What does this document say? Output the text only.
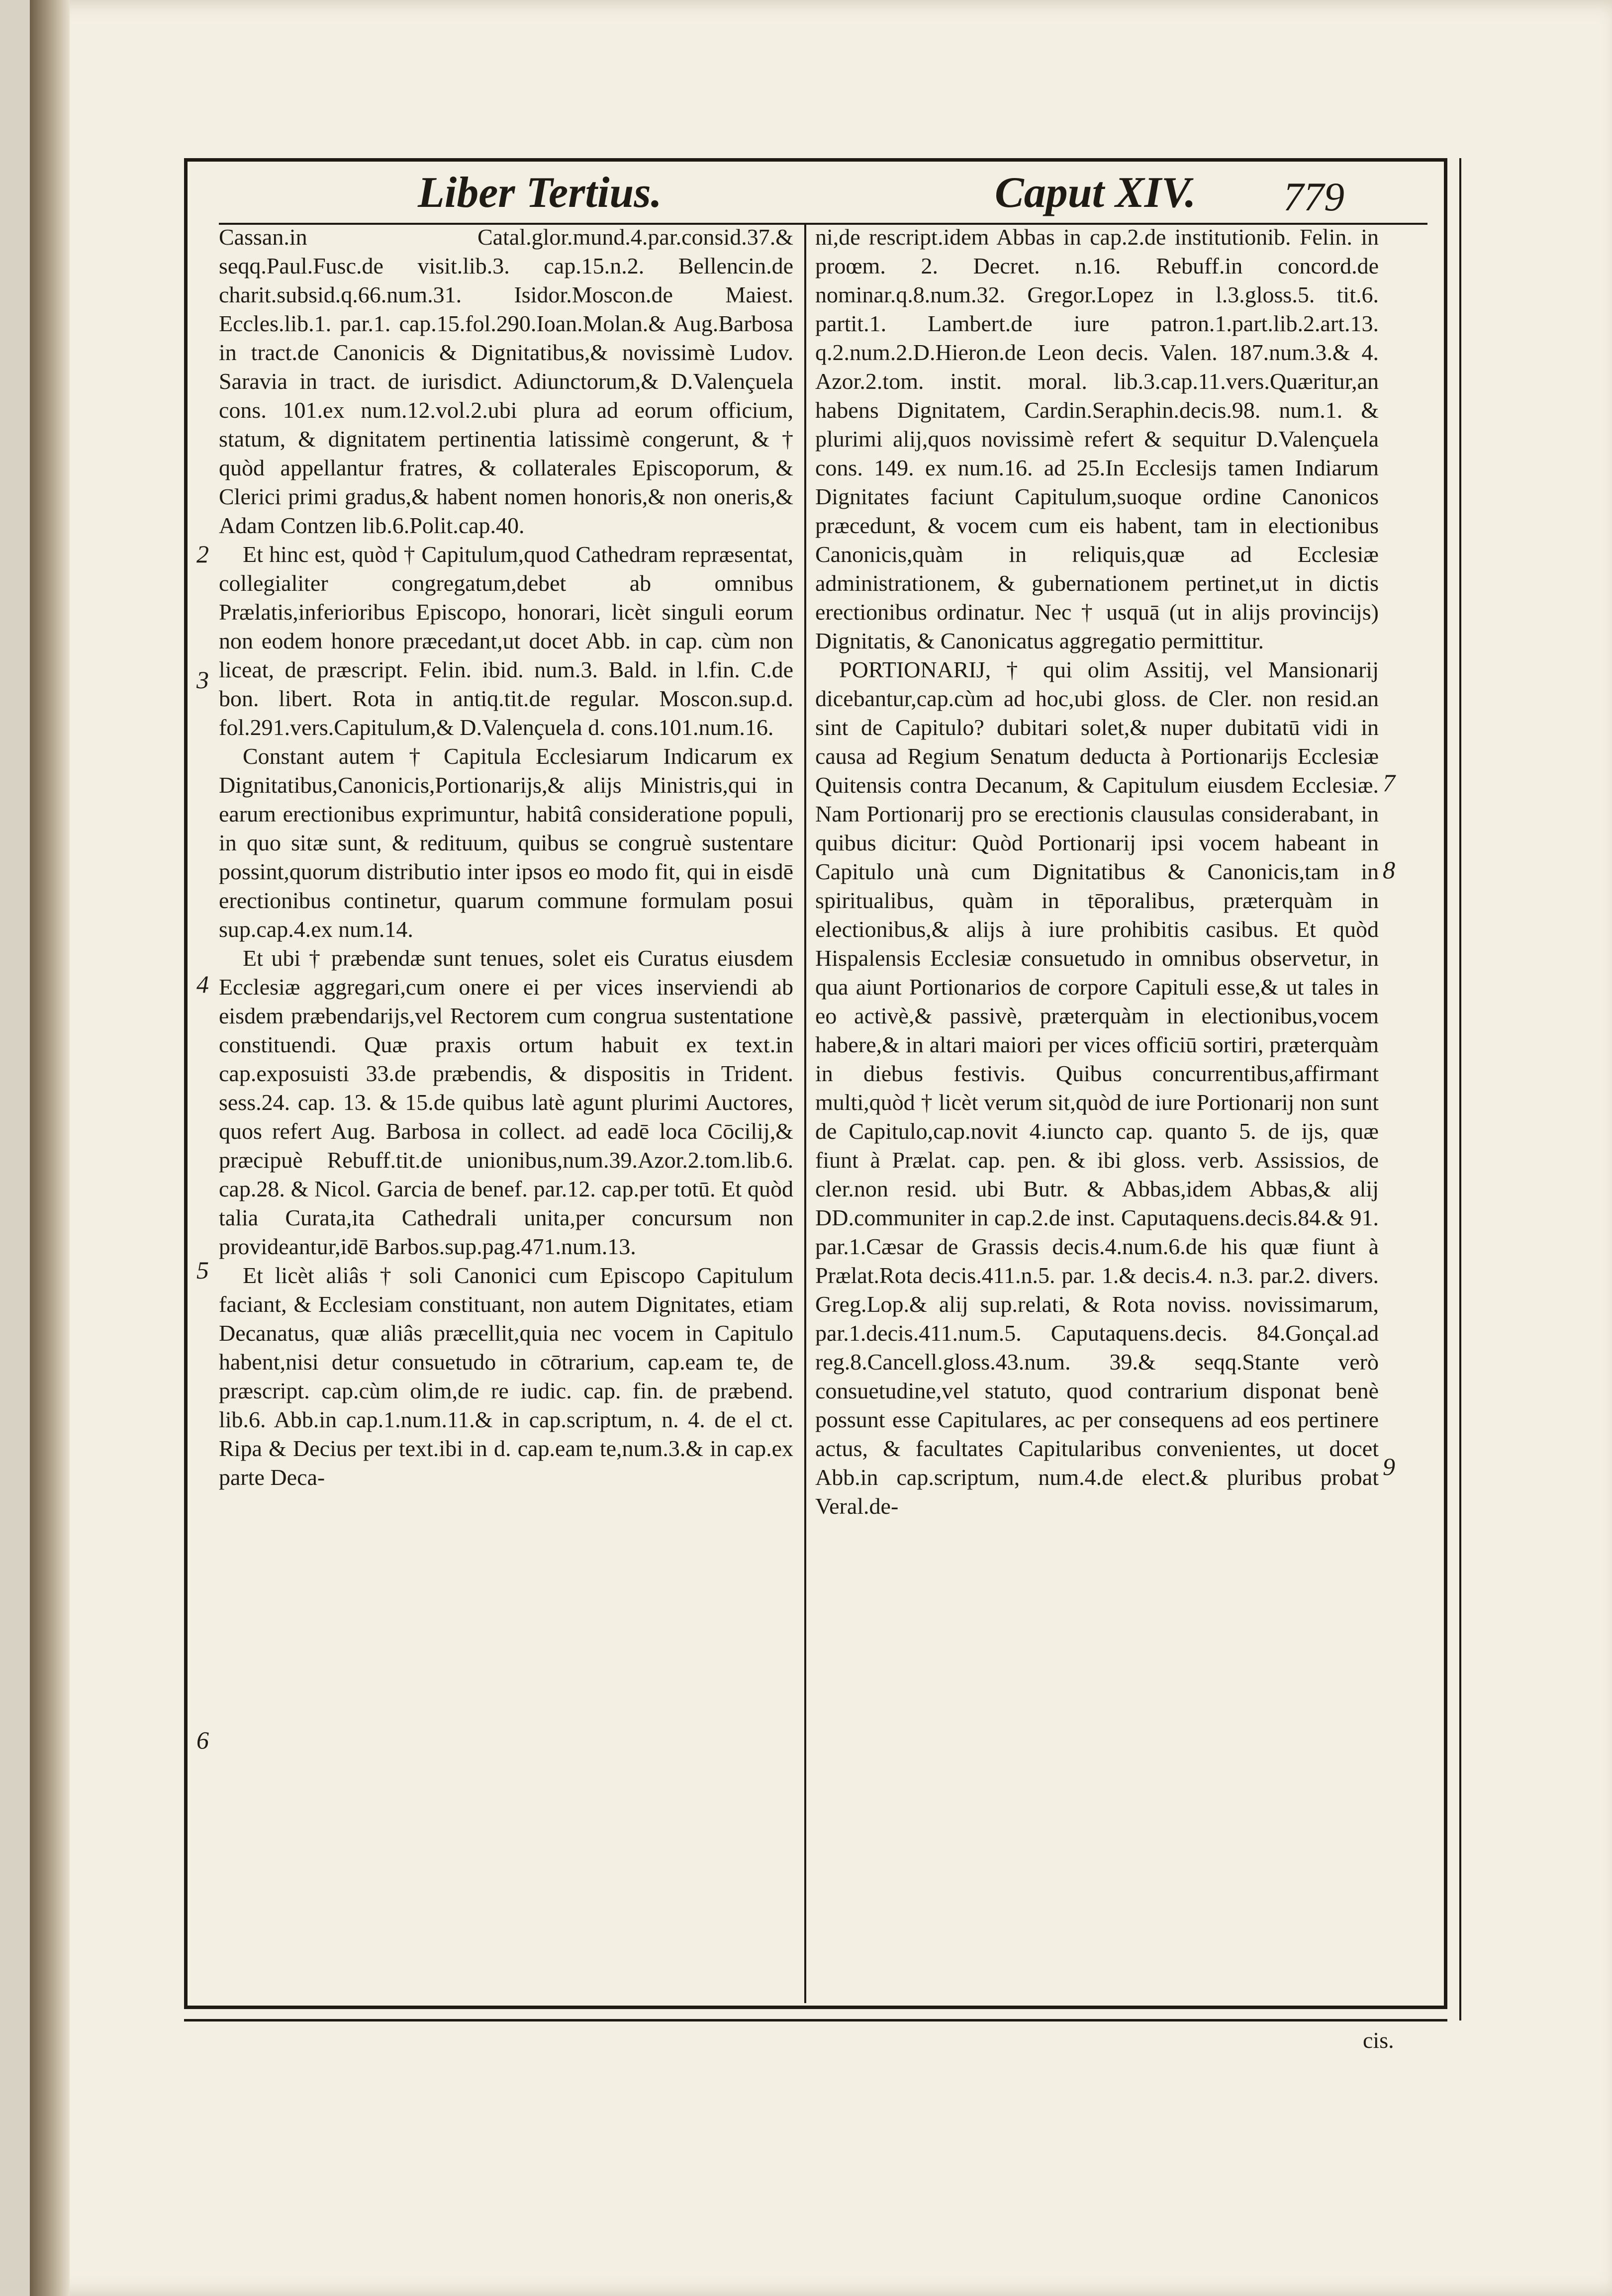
Liber Tertius.	Caput XIV. 779

Cassan.in Catal.glor.mund.4.par.consid.37.& seqq.Paul.Fusc.de visit.lib.3. cap.15.n.2. Bellencin.de charit.subsid.q.66.num.31. Isidor.Moscon.de Maiest. Eccles.lib.1. par.1. cap.15.fol.290.Ioan.Molan.& Aug.Barbosa in tract.de Canonicis & Dignitatibus,& novissimè Ludov. Saravia in tract. de iurisdict. Adiunctorum,& D.Valençuela cons. 101.ex num.12.vol.2.ubi plura ad eorum officium, statum, & dignitatem pertinentia latissimè congerunt, & † quòd appellantur fratres, & collaterales Episcoporum, & Clerici primi gradus,& habent nomen honoris,& non oneris,& Adam Contzen lib.6.Polit.cap.40.

Et hinc est, quòd † Capitulum,quod Cathedram repræsentat, collegialiter congregatum,debet ab omnibus Prælatis,inferioribus Episcopo, honorari, licèt singuli eorum non eodem honore præcedant,ut docet Abb. in cap. cùm non liceat, de præscript. Felin. ibid. num.3. Bald. in l.fin. C.de bon. libert. Rota in antiq.tit.de regular. Moscon.sup.d. fol.291.vers.Capitulum,& D.Valençuela d. cons.101.num.16.

Constant autem † Capitula Ecclesiarum Indicarum ex Dignitatibus,Canonicis,Portionarijs,& alijs Ministris,qui in earum erectionibus exprimuntur, habitâ consideratione populi, in quo sitæ sunt, & redituum, quibus se congruè sustentare possint,quorum distributio inter ipsos eo modo fit, qui in eisdē erectionibus continetur, quarum commune formulam posui sup.cap.4.ex num.14.

Et ubi † præbendæ sunt tenues, solet eis Curatus eiusdem Ecclesiæ aggregari,cum onere ei per vices inserviendi ab eisdem præbendarijs,vel Rectorem cum congrua sustentatione constituendi. Quæ praxis ortum habuit ex text.in cap.exposuisti 33.de præbendis, & dispositis in Trident. sess.24. cap. 13. & 15.de quibus latè agunt plurimi Auctores, quos refert Aug. Barbosa in collect. ad eadē loca Cōcilij,& præcipuè Rebuff.tit.de unionibus,num.39.Azor.2.tom.lib.6. cap.28. & Nicol. Garcia de benef. par.12. cap.per totū. Et quòd talia Curata,ita Cathedrali unita,per concursum non provideantur,idē Barbos.sup.pag.471.num.13.

Et licèt aliâs † soli Canonici cum Episcopo Capitulum faciant, & Ecclesiam constituant, non autem Dignitates, etiam Decanatus, quæ aliâs præcellit,quia nec vocem in Capitulo habent,nisi detur consuetudo in cōtrarium, cap.eam te, de præscript. cap.cùm olim,de re iudic. cap. fin. de præbend. lib.6. Abb.in cap.1.num.11.& in cap.scriptum, n. 4. de el ct. Ripa & Decius per text.ibi in d. cap.eam te,num.3.& in cap.ex parte Deca-

ni,de rescript.idem Abbas in cap.2.de institutionib. Felin. in proœm. 2. Decret. n.16. Rebuff.in concord.de nominar.q.8.num.32. Gregor.Lopez in l.3.gloss.5. tit.6. partit.1. Lambert.de iure patron.1.part.lib.2.art.13. q.2.num.2.D.Hieron.de Leon decis. Valen. 187.num.3.& 4. Azor.2.tom. instit. moral. lib.3.cap.11.vers.Quæritur,an habens Dignitatem, Cardin.Seraphin.decis.98. num.1. & plurimi alij,quos novissimè refert & sequitur D.Valençuela cons. 149. ex num.16. ad 25.In Ecclesijs tamen Indiarum Dignitates faciunt Capitulum,suoque ordine Canonicos præcedunt, & vocem cum eis habent, tam in electionibus Canonicis,quàm in reliquis,quæ ad Ecclesiæ administrationem, & gubernationem pertinet,ut in dictis erectionibus ordinatur. Nec † usquā (ut in alijs provincijs) Dignitatis, & Canonicatus aggregatio permittitur.

PORTIONARIJ, † qui olim Assitij, vel Mansionarij dicebantur,cap.cùm ad hoc,ubi gloss. de Cler. non resid.an sint de Capitulo? dubitari solet,& nuper dubitatū vidi in causa ad Regium Senatum deducta à Portionarijs Ecclesiæ Quitensis contra Decanum, & Capitulum eiusdem Ecclesiæ. Nam Portionarij pro se erectionis clausulas considerabant, in quibus dicitur: Quòd Portionarij ipsi vocem habeant in Capitulo unà cum Dignitatibus & Canonicis,tam in spiritualibus, quàm in tēporalibus, præterquàm in electionibus,& alijs à iure prohibitis casibus. Et quòd Hispalensis Ecclesiæ consuetudo in omnibus observetur, in qua aiunt Portionarios de corpore Capituli esse,& ut tales in eo activè,& passivè, præterquàm in electionibus,vocem habere,& in altari maiori per vices officiū sortiri, præterquàm in diebus festivis. Quibus concurrentibus,affirmant multi,quòd † licèt verum sit,quòd de iure Portionarij non sunt de Capitulo,cap.novit 4.iuncto cap. quanto 5. de ijs, quæ fiunt à Prælat. cap. pen. & ibi gloss. verb. Assissios, de cler.non resid. ubi Butr. & Abbas,idem Abbas,& alij DD.communiter in cap.2.de inst. Caputaquens.decis.84.& 91. par.1.Cæsar de Grassis decis.4.num.6.de his quæ fiunt à Prælat.Rota decis.411.n.5. par. 1.& decis.4. n.3. par.2. divers. Greg.Lop.& alij sup.relati, & Rota noviss. novissimarum, par.1.decis.411.num.5. Caputaquens.decis. 84.Gonçal.ad reg.8.Cancell.gloss.43.num. 39.& seqq.Stante verò consuetudine,vel statuto, quod contrarium disponat benè possunt esse Capitulares, ac per consequens ad eos pertinere actus, & facultates Capitularibus convenientes, ut docet Abb.in cap.scriptum, num.4.de elect.& pluribus probat Veral.de-

2
3
4
5
6
7
8
9
cis.
